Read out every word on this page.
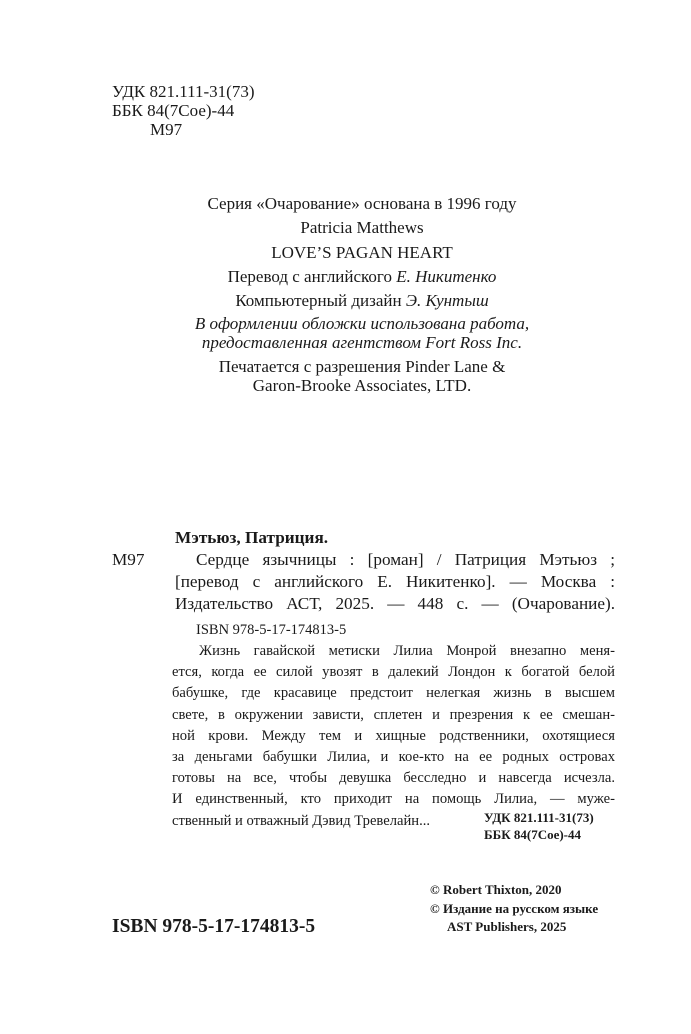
УДК 821.111-31(73)
ББК 84(7Сое)-44
М97
Серия «Очарование» основана в 1996 году
Patricia Matthews
LOVE’S PAGAN HEART
Перевод с английского Е. Никитенко
Компьютерный дизайн Э. Кунтыш
В оформлении обложки использована работа,
предоставленная агентством Fort Ross Inc.
Печатается с разрешения Pinder Lane &
Garon-Brooke Associates, LTD.
М97
Мэтьюз, Патриция.
Сердце язычницы : [роман] / Патриция Мэтьюз ;
[перевод с английского Е. Никитенко]. — Москва :
Издательство АСТ, 2025. — 448 с. — (Очарование).
ISBN 978-5-17-174813-5
Жизнь гавайской метиски Лилиа Монрой внезапно меня-
ется, когда ее силой увозят в далекий Лондон к богатой белой
бабушке, где красавице предстоит нелегкая жизнь в высшем
свете, в окружении зависти, сплетен и презрения к ее смешан-
ной крови. Между тем и хищные родственники, охотящиеся
за деньгами бабушки Лилиа, и кое-кто на ее родных островах
готовы на все, чтобы девушка бесследно и навсегда исчезла.
И единственный, кто приходит на помощь Лилиа, — муже-
ственный и отважный Дэвид Тревелайн...	УДК 821.111-31(73)
ББК 84(7Сое)-44
© Robert Thixton, 2020
© Издание на русском языке
AST Publishers, 2025
ISBN 978-5-17-174813-5
